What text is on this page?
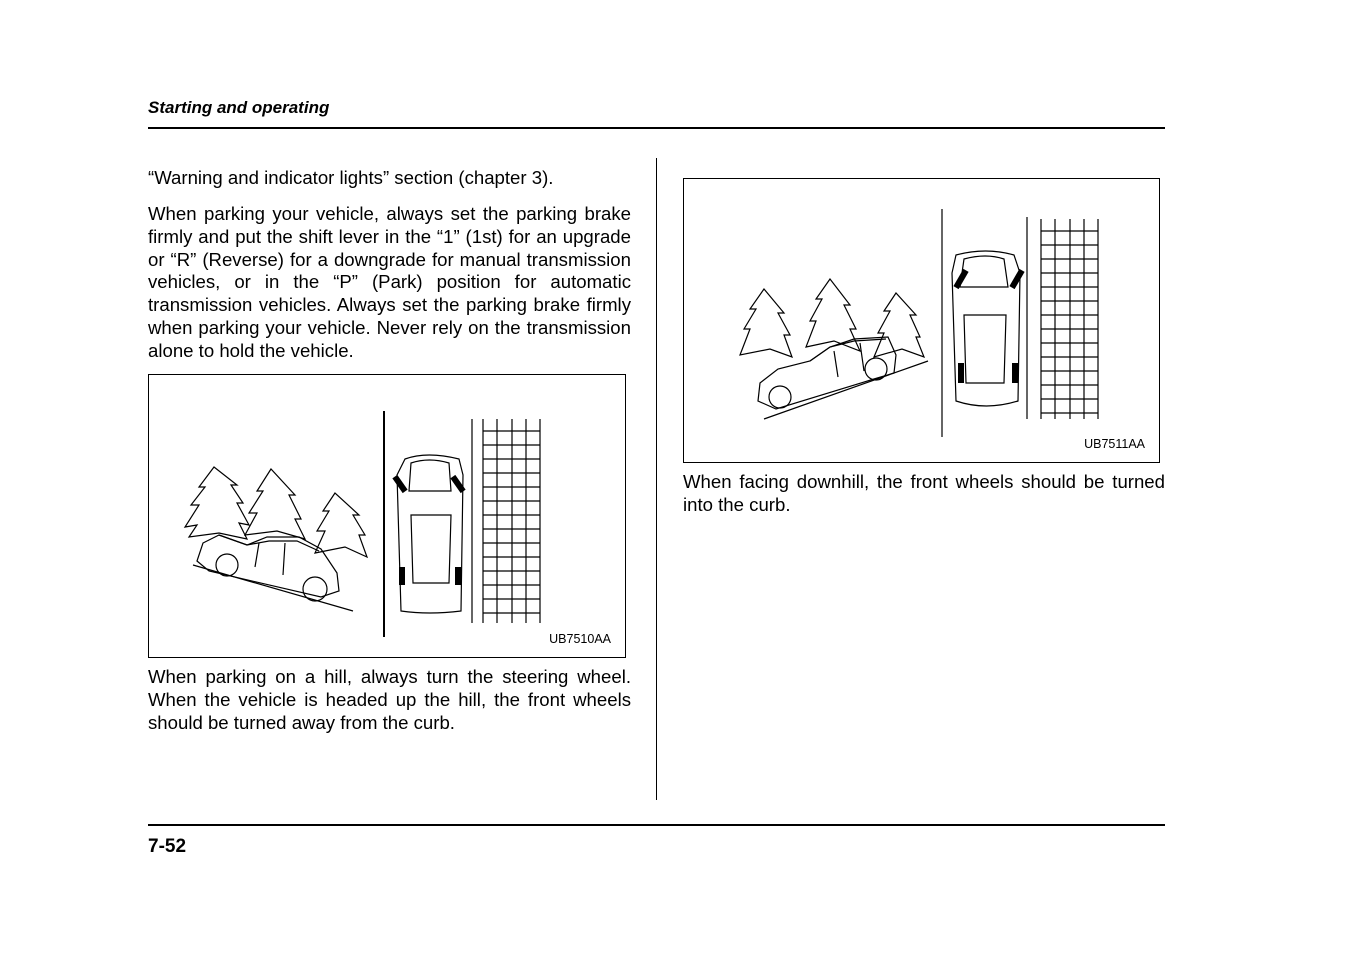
Starting and operating

“Warning and indicator lights” section (chapter 3).

When parking your vehicle, always set the parking brake firmly and put the shift lever in the “1” (1st) for an upgrade or “R” (Reverse) for a downgrade for manual transmission vehicles, or in the “P” (Park) position for automatic transmission vehicles. Always set the parking brake firmly when parking your vehicle. Never rely on the transmission alone to hold the vehicle.

UB7510AA

When parking on a hill, always turn the steering wheel. When the vehicle is headed up the hill, the front wheels should be turned away from the curb.

UB7511AA

When facing downhill, the front wheels should be turned into the curb.

7-52
